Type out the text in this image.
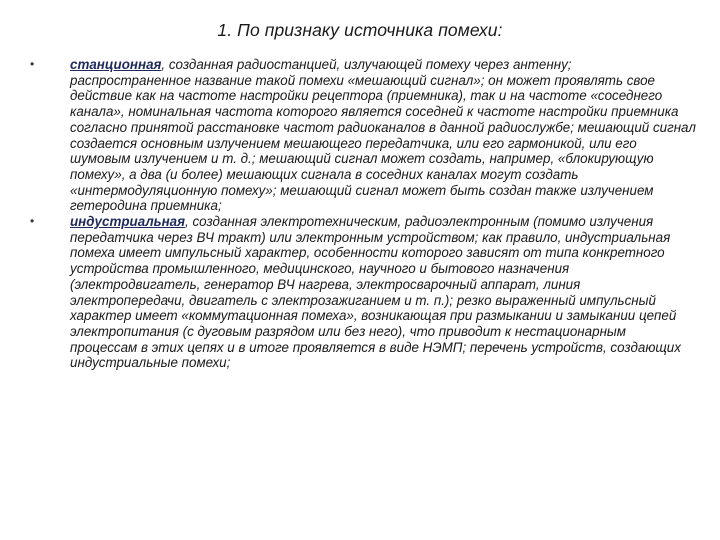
1. По признаку источника помехи:
•	станционная, созданная радиостанцией, излучающей помеху через антенну; распространенное название такой помехи «мешающий сигнал»; он может проявлять свое действие как на частоте настройки рецептора (приемника), так и на частоте «соседнего канала», номинальная частота которого является соседней к частоте настройки приемника согласно принятой расстановке частот радиоканалов в данной радиослужбе; мешающий сигнал создается основным излучением мешающего передатчика, или его гармоникой, или его шумовым излучением и т. д.; мешающий сигнал может создать, например, «блокирующую помеху», а два (и более) мешающих сигнала в соседних каналах могут создать «интермодуляционную помеху»; мешающий сигнал может быть создан также излучением гетеродина приемника;
•	индустриальная, созданная электротехническим, радиоэлектронным (помимо излучения передатчика через ВЧ тракт) или электронным устройством; как правило, индустриальная помеха имеет импульсный характер, особенности которого зависят от типа конкретного устройства промышленного, медицинского, научного и бытового назначения (электродвигатель, генератор ВЧ нагрева, электросварочный аппарат, линия электропередачи, двигатель с электрозажиганием и т. п.); резко выраженный импульсный характер имеет «коммутационная помеха», возникающая при размыкании и замыкании цепей электропитания (с дуговым разрядом или без него), что приводит к нестационарным процессам в этих цепях и в итоге проявляется в виде НЭМП; перечень устройств, создающих индустриальные помехи;
